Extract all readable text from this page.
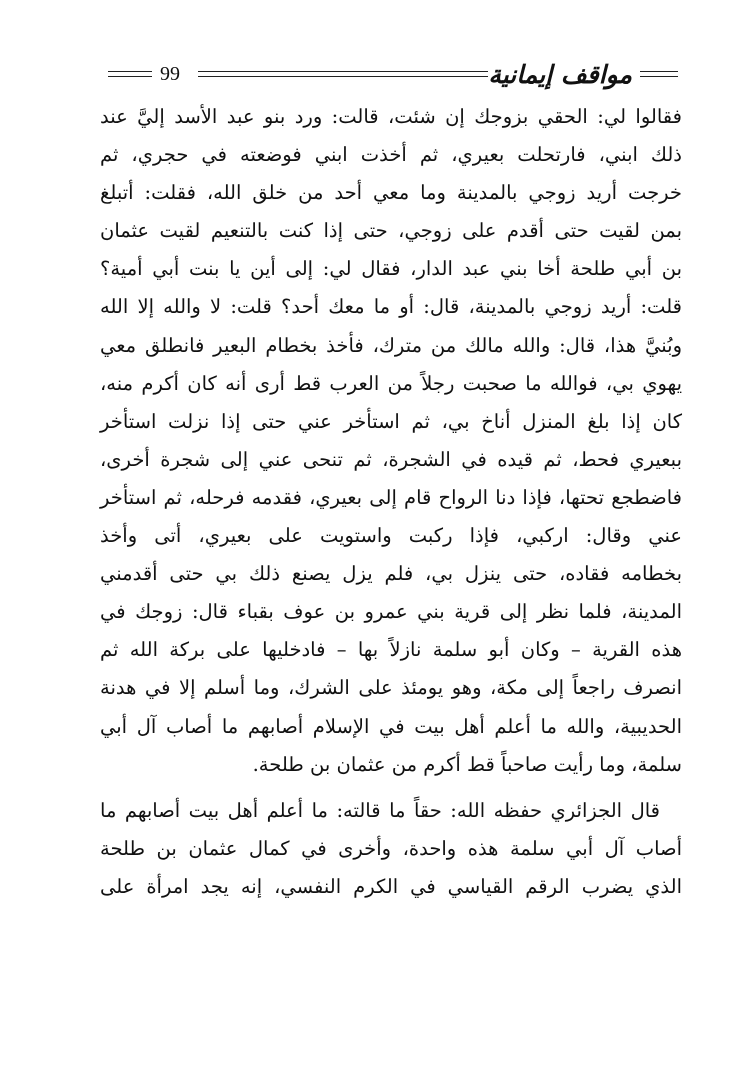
مواقف إيمانية
99
فقالوا لي: الحقي بزوجك إن شئت، قالت: ورد بنو عبد الأسد إليَّ عند
ذلك ابني، فارتحلت بعيري، ثم أخذت ابني فوضعته في حجري، ثم
خرجت أريد زوجي بالمدينة وما معي أحد من خلق الله، فقلت: أتبلغ
بمن لقيت حتى أقدم على زوجي، حتى إذا كنت بالتنعيم لقيت عثمان
بن أبي طلحة أخا بني عبد الدار، فقال لي: إلى أين يا بنت أبي أمية؟
قلت: أريد زوجي بالمدينة، قال: أو ما معك أحد؟ قلت: لا والله إلا الله
وبُنيَّ هذا، قال: والله مالك من مترك، فأخذ بخطام البعير فانطلق معي
يهوي بي، فوالله ما صحبت رجلاً من العرب قط أرى أنه كان أكرم منه،
كان إذا بلغ المنزل أناخ بي، ثم استأخر عني حتى إذا نزلت استأخر
ببعيري فحط، ثم قيده في الشجرة، ثم تنحى عني إلى شجرة أخرى،
فاضطجع تحتها، فإذا دنا الرواح قام إلى بعيري، فقدمه فرحله، ثم استأخر
عني وقال: اركبي، فإذا ركبت واستويت على بعيري، أتى وأخذ
بخطامه فقاده، حتى ينزل بي، فلم يزل يصنع ذلك بي حتى أقدمني
المدينة، فلما نظر إلى قرية بني عمرو بن عوف بقباء قال: زوجك في
هذه القرية – وكان أبو سلمة نازلاً بها – فادخليها على بركة الله ثم
انصرف راجعاً إلى مكة، وهو يومئذ على الشرك، وما أسلم إلا في هدنة
الحديبية، والله ما أعلم أهل بيت في الإسلام أصابهم ما أصاب آل أبي
سلمة، وما رأيت صاحباً قط أكرم من عثمان بن طلحة.
قال الجزائري حفظه الله: حقاً ما قالته: ما أعلم أهل بيت أصابهم ما
أصاب آل أبي سلمة هذه واحدة، وأخرى في كمال عثمان بن طلحة
الذي يضرب الرقم القياسي في الكرم النفسي، إنه يجد امرأة على
